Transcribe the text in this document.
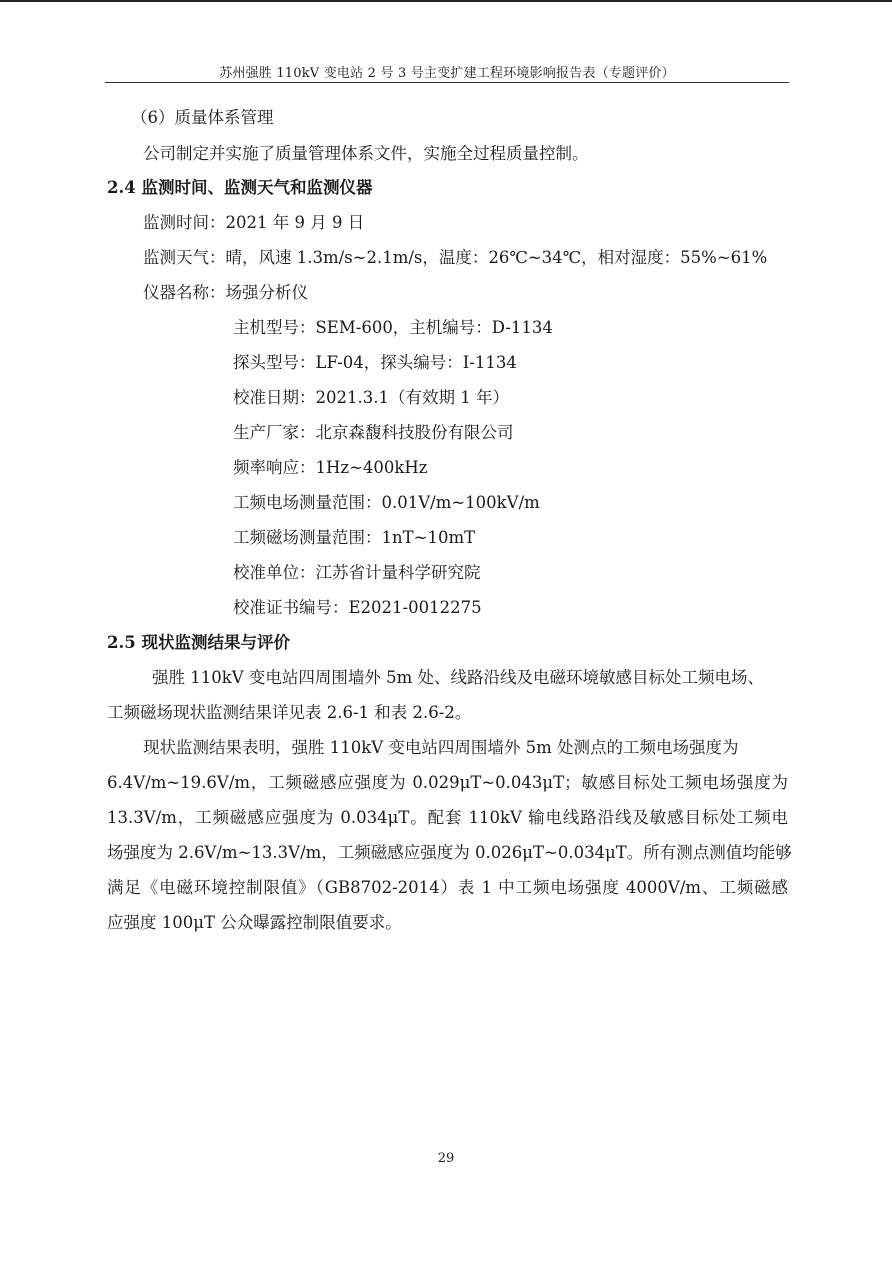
苏州强胜 110kV 变电站 2 号 3 号主变扩建工程环境影响报告表（专题评价）
（6）质量体系管理
公司制定并实施了质量管理体系文件，实施全过程质量控制。
2.4 监测时间、监测天气和监测仪器
监测时间：2021 年 9 月 9 日
监测天气：晴，风速 1.3m/s~2.1m/s，温度：26℃~34℃，相对湿度：55%~61%
仪器名称：场强分析仪
主机型号：SEM-600，主机编号：D-1134
探头型号：LF-04，探头编号：I-1134
校准日期：2021.3.1（有效期 1 年）
生产厂家：北京森馥科技股份有限公司
频率响应：1Hz~400kHz
工频电场测量范围：0.01V/m~100kV/m
工频磁场测量范围：1nT~10mT
校准单位：江苏省计量科学研究院
校准证书编号：E2021-0012275
2.5 现状监测结果与评价
强胜 110kV 变电站四周围墙外 5m 处、线路沿线及电磁环境敏感目标处工频电场、
工频磁场现状监测结果详见表 2.6-1 和表 2.6-2。
现状监测结果表明，强胜 110kV 变电站四周围墙外 5m 处测点的工频电场强度为
6.4V/m~19.6V/m，工频磁感应强度为 0.029μT~0.043μT；敏感目标处工频电场强度为
13.3V/m，工频磁感应强度为 0.034μT。配套 110kV 输电线路沿线及敏感目标处工频电
场强度为 2.6V/m~13.3V/m，工频磁感应强度为 0.026μT~0.034μT。所有测点测值均能够
满足《电磁环境控制限值》（GB8702-2014）表 1 中工频电场强度 4000V/m、工频磁感
应强度 100μT 公众曝露控制限值要求。
29
